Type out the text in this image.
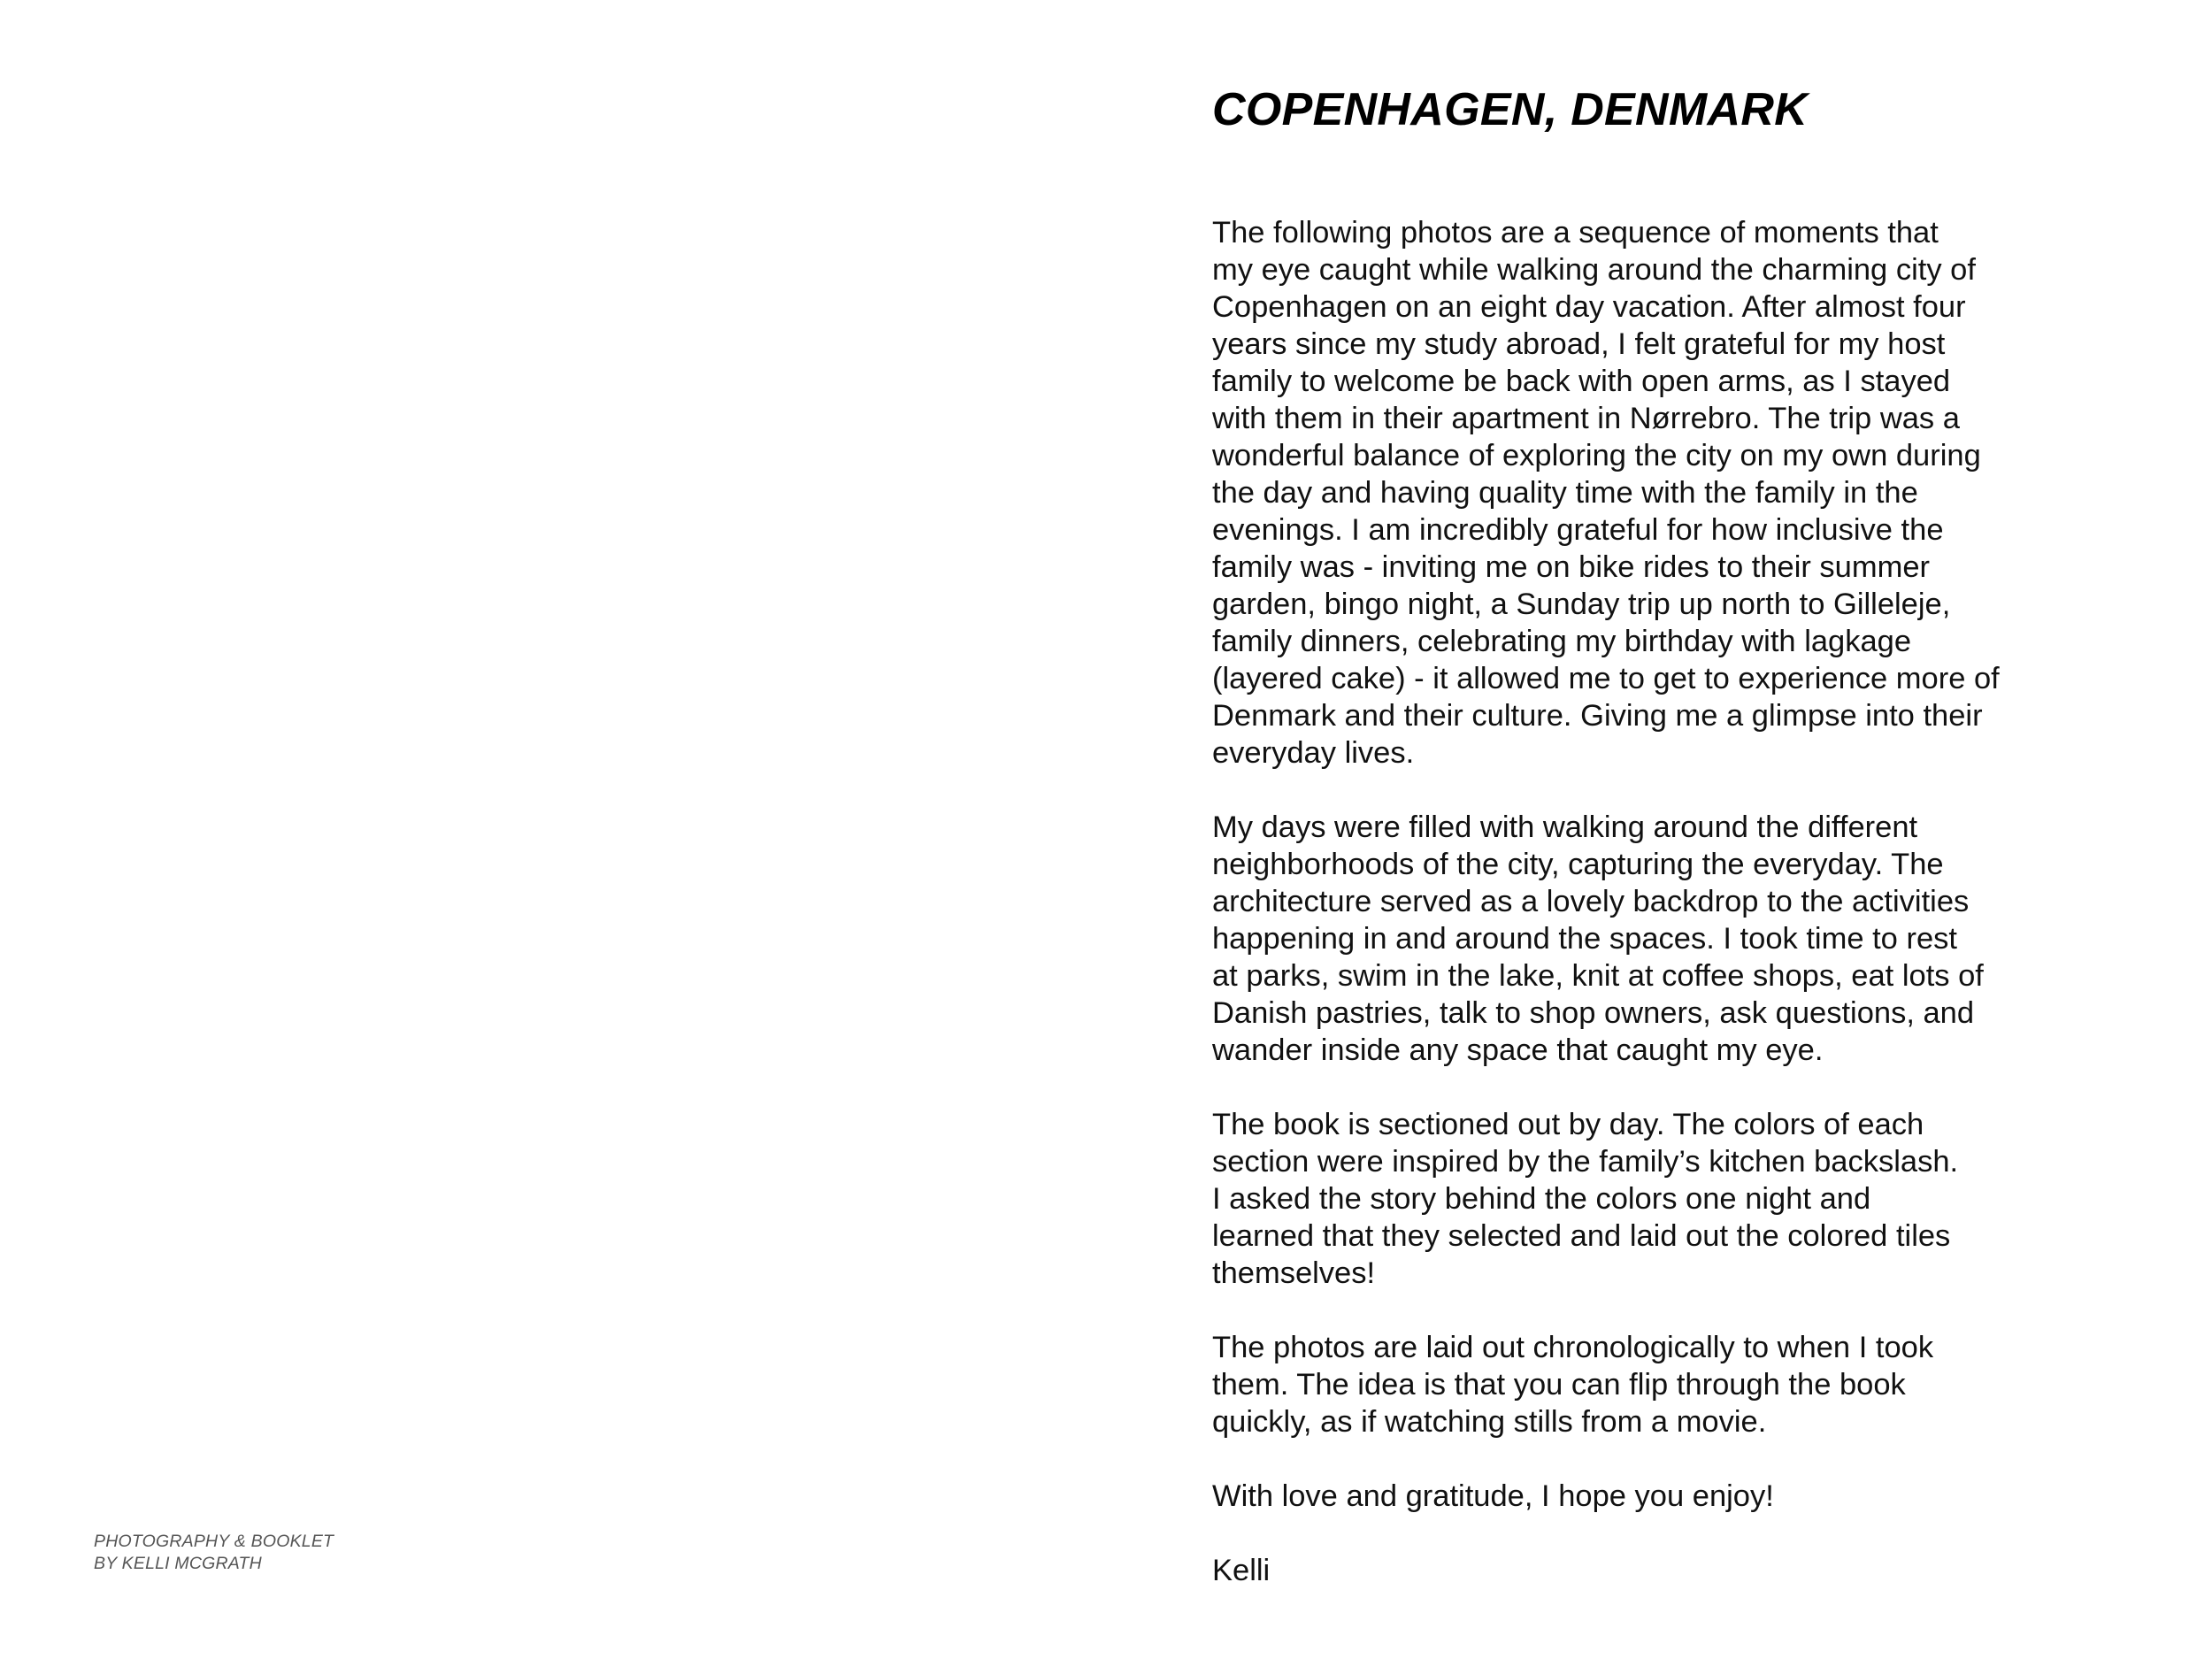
PHOTOGRAPHY & BOOKLET
BY KELLI MCGRATH
COPENHAGEN, DENMARK

The following photos are a sequence of moments that
my eye caught while walking around the charming city of
Copenhagen on an eight day vacation. After almost four
years since my study abroad, I felt grateful for my host
family to welcome be back with open arms, as I stayed
with them in their apartment in Nørrebro. The trip was a
wonderful balance of exploring the city on my own during
the day and having quality time with the family in the
evenings. I am incredibly grateful for how inclusive the
family was - inviting me on bike rides to their summer
garden, bingo night, a Sunday trip up north to Gilleleje,
family dinners, celebrating my birthday with lagkage
(layered cake) - it allowed me to get to experience more of
Denmark and their culture. Giving me a glimpse into their
everyday lives.

My days were filled with walking around the different
neighborhoods of the city, capturing the everyday. The
architecture served as a lovely backdrop to the activities
happening in and around the spaces. I took time to rest
at parks, swim in the lake, knit at coffee shops, eat lots of
Danish pastries, talk to shop owners, ask questions, and
wander inside any space that caught my eye.

The book is sectioned out by day. The colors of each
section were inspired by the family’s kitchen backslash.
I asked the story behind the colors one night and
learned that they selected and laid out the colored tiles
themselves!

The photos are laid out chronologically to when I took
them. The idea is that you can flip through the book
quickly, as if watching stills from a movie.

With love and gratitude, I hope you enjoy!

Kelli
